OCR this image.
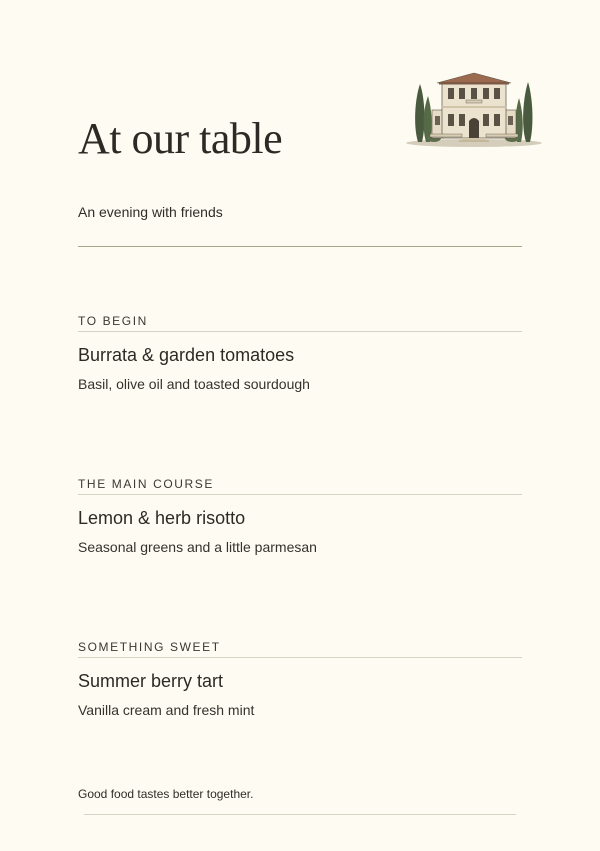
At our table
An evening with friends
TO BEGIN
Burrata & garden tomatoes
Basil, olive oil and toasted sourdough
THE MAIN COURSE
Lemon & herb risotto
Seasonal greens and a little parmesan
SOMETHING SWEET
Summer berry tart
Vanilla cream and fresh mint
Good food tastes better together.
